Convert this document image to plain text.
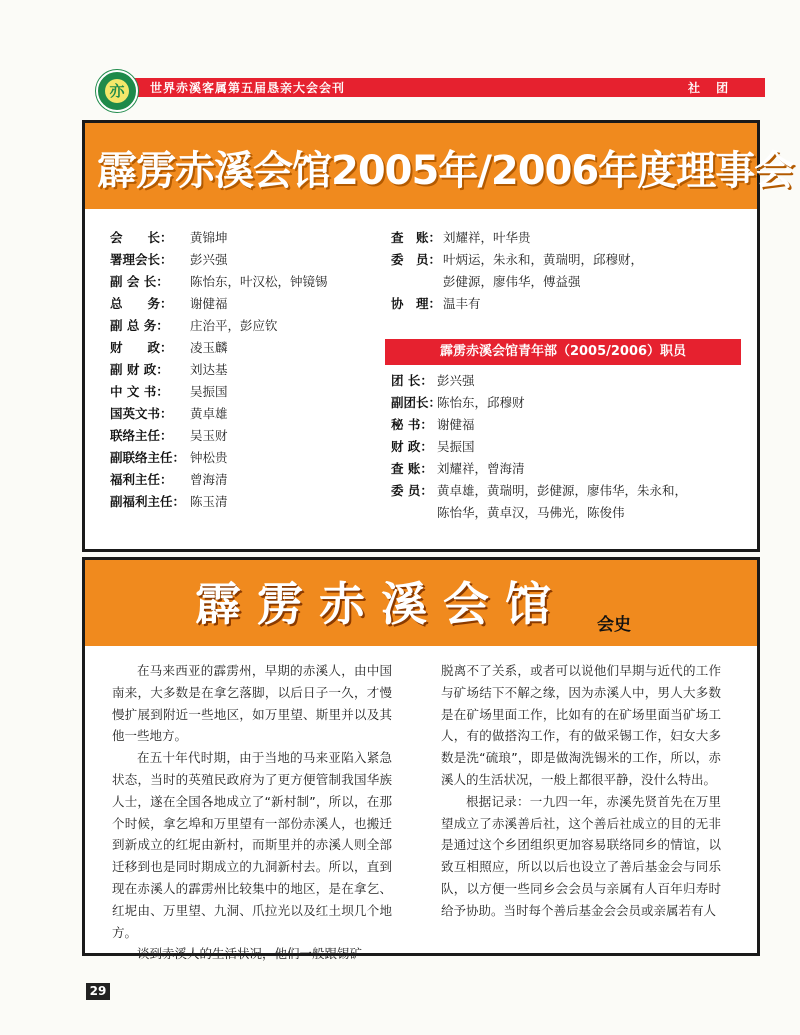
亦	世界赤溪客属第五届恳亲大会会刊	社 团
霹雳赤溪会馆2005年/2006年度理事会
会　　长： 黄锦坤
署理会长： 彭兴强
副 会 长： 陈怡东，叶汉松，钟镜锡
总　　务： 谢健福
副 总 务： 庄治平，彭应钦
财　　政： 凌玉麟
副 财 政： 刘达基
中 文 书： 吴振国
国英文书： 黄卓雄
联络主任： 吴玉财
副联络主任： 钟松贵
福利主任： 曾海清
副福利主任： 陈玉清
查　账： 刘耀祥，叶华贵
委　员： 叶炳运，朱永和，黄瑞明，邱穆财，
彭健源，廖伟华，傅益强
协　理： 温丰有
霹雳赤溪会馆青年部（2005/2006）职员
团 长： 彭兴强
副团长：
陈怡东，邱穆财
秘 书： 谢健福
财 政： 吴振国
查 账： 刘耀祥，曾海清
委 员： 黄卓雄，黄瑞明，彭健源，廖伟华，朱永和，
陈怡华，黄卓汉，马佛光，陈俊伟
霹雳赤溪会馆 会史

在马来西亚的霹雳州，早期的赤溪人，由中国南来，大多数是在拿乞落脚，以后日子一久，才慢慢扩展到附近一些地区，如万里望、斯里并以及其他一些地方。

在五十年代时期，由于当地的马来亚陷入紧急状态，当时的英殖民政府为了更方便管制我国华族人士，遂在全国各地成立了“新村制”，所以，在那个时候，拿乞埠和万里望有一部份赤溪人，也搬迁到新成立的红坭由新村，而斯里并的赤溪人则全部迁移到也是同时期成立的九洞新村去。所以，直到现在赤溪人的霹雳州比较集中的地区，是在拿乞、红坭由、万里望、九洞、爪拉光以及红土坝几个地方。

谈到赤溪人的生活状况，他们一般跟锡矿

脱离不了关系，或者可以说他们早期与近代的工作与矿场结下不解之缘，因为赤溪人中，男人大多数是在矿场里面工作，比如有的在矿场里面当矿场工人，有的做搭沟工作，有的做采锡工作，妇女大多数是洗“硫琅”，即是做淘洗锡米的工作，所以，赤溪人的生活状况，一般上都很平静，没什么特出。

根据记录：一九四一年，赤溪先贤首先在万里望成立了赤溪善后社，这个善后社成立的目的无非是通过这个乡团组织更加容易联络同乡的情谊，以致互相照应，所以以后也设立了善后基金会与同乐队，以方便一些同乡会会员与亲属有人百年归寿时给予协助。当时每个善后基金会会员或亲属若有人

29
